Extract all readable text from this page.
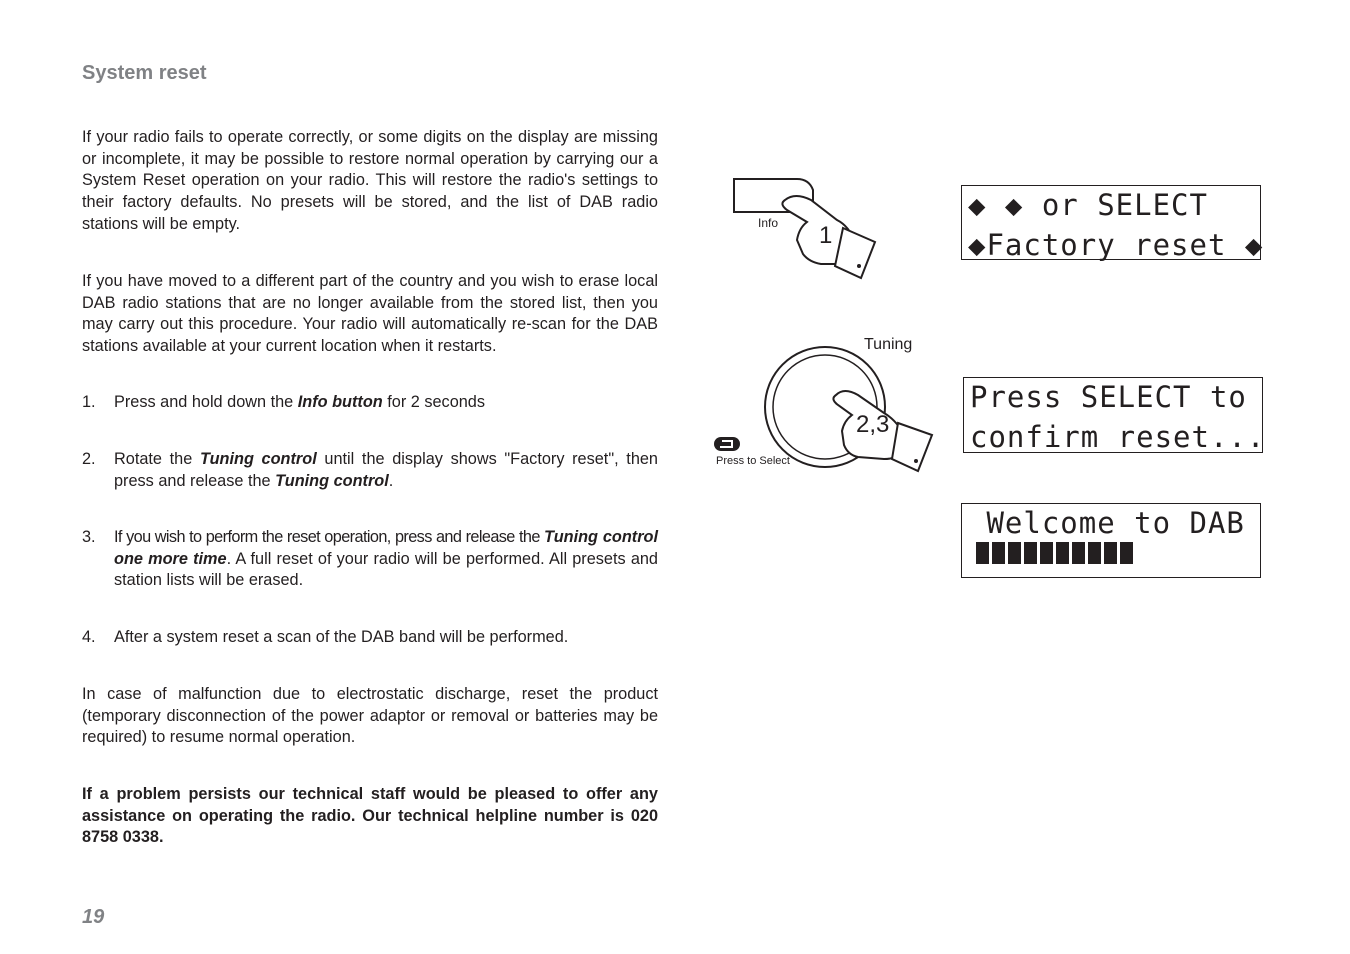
System reset

If your radio fails to operate correctly, or some digits on the display are missing or incomplete, it may be possible to restore normal operation by carrying our a System Reset operation on your radio. This will restore the radio's settings to their factory defaults. No presets will be stored, and the list of DAB radio stations will be empty.

If you have moved to a different part of the country and you wish to erase local DAB radio stations that are no longer available from the stored list, then you may carry out this procedure. Your radio will automatically re-scan for the DAB stations available at your current location when it restarts.

1. Press and hold down the Info button for 2 seconds
2. Rotate the Tuning control until the display shows "Factory reset", then press and release the Tuning control.
3. If you wish to perform the reset operation, press and release the Tuning control one more time. A full reset of your radio will be performed. All presets and station lists will be erased.
4. After a system reset a scan of the DAB band will be performed.

In case of malfunction due to electrostatic discharge, reset the product (temporary disconnection of the power adaptor or removal or batteries may be required) to resume normal operation.

If a problem persists our technical staff would be pleased to offer any assistance on operating the radio. Our technical helpline number is 020 8758 0338.

Info 1
Tuning
Press to Select
2,3
◆ ◆ or SELECT
◆Factory reset ◆
Press SELECT to
confirm reset...
Welcome to DAB
19
